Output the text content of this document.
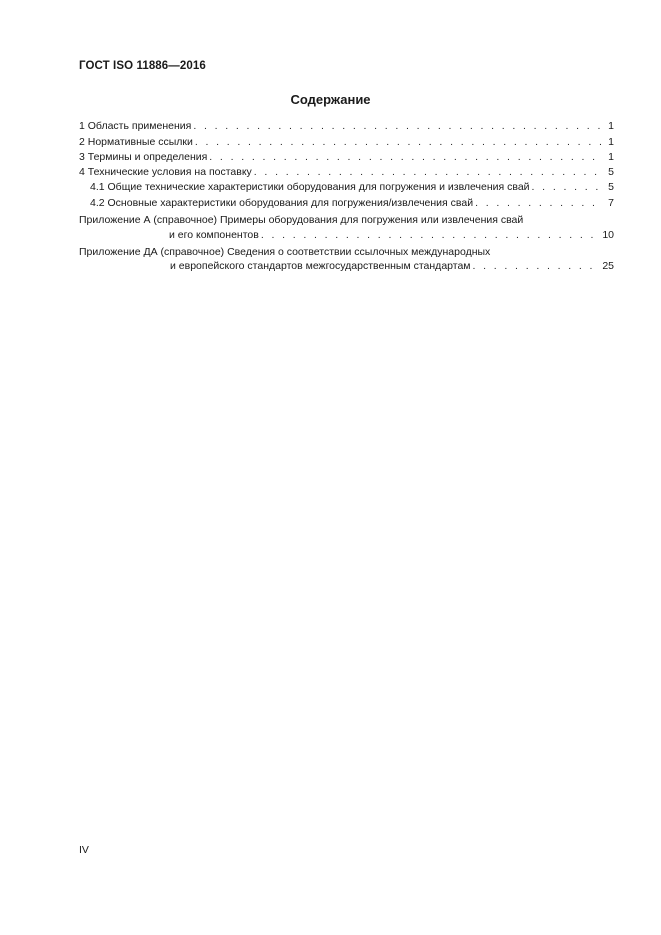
ГОСТ ISO 11886—2016
Содержание
1 Область применения . . .	1
2 Нормативные ссылки . . .	1
3 Термины и определения . . .	1
4 Технические условия на поставку . . .	5
4.1 Общие технические характеристики оборудования для погружения и извлечения свай . . .	5
4.2 Основные характеристики оборудования для погружения/извлечения свай . . .	7
Приложение А (справочное) Примеры оборудования для погружения или извлечения свай
и его компонентов . . .	10
Приложение ДА (справочное) Сведения о соответствии ссылочных международных
и европейского стандартов межгосударственным стандартам . . .	25
IV
